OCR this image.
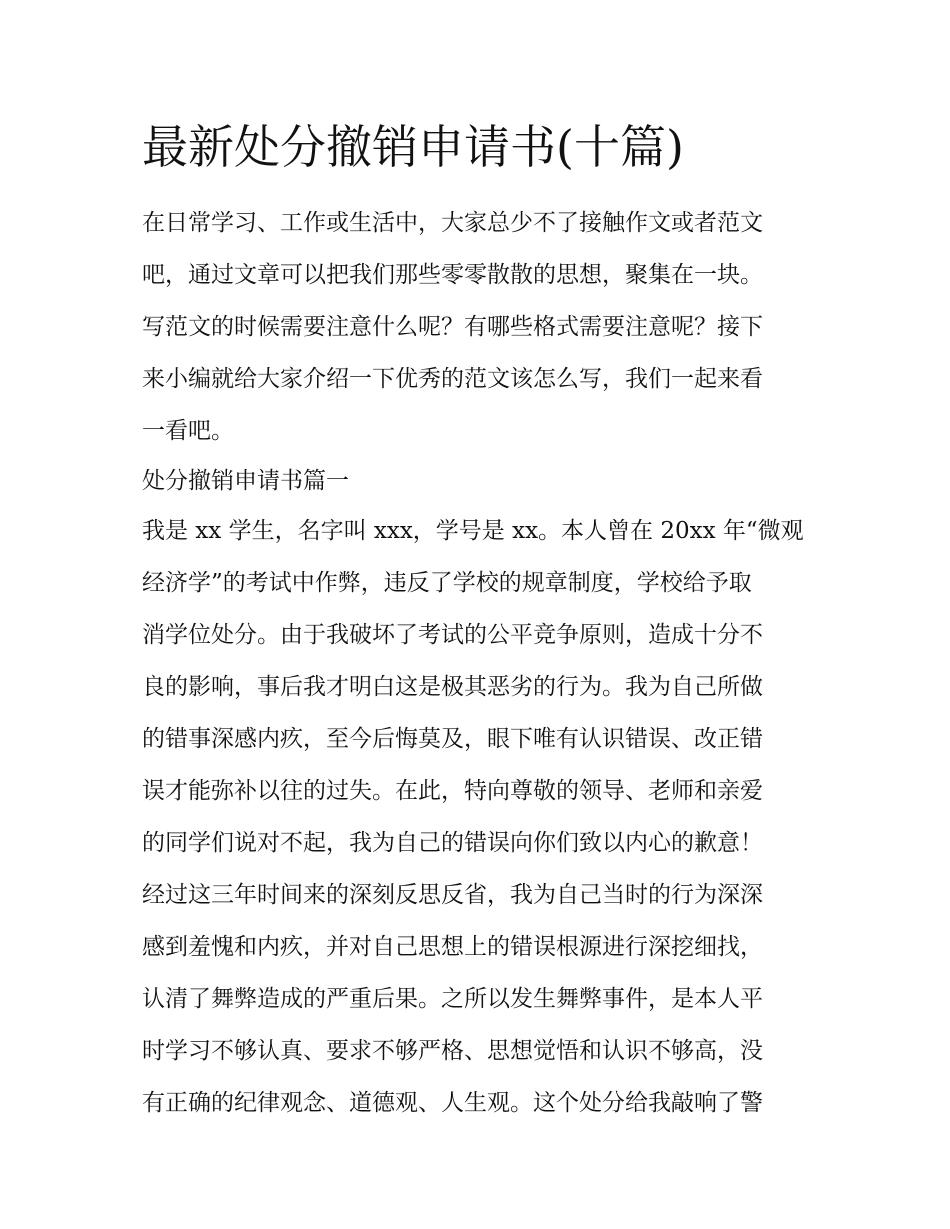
最新处分撤销申请书(十篇)

在日常学习、工作或生活中，大家总少不了接触作文或者范文

吧，通过文章可以把我们那些零零散散的思想，聚集在一块。

写范文的时候需要注意什么呢？有哪些格式需要注意呢？接下

来小编就给大家介绍一下优秀的范文该怎么写，我们一起来看

一看吧。

处分撤销申请书篇一

我是 xx 学生，名字叫 xxx，学号是 xx。本人曾在 20xx 年“微观

经济学”的考试中作弊，违反了学校的规章制度，学校给予取

消学位处分。由于我破坏了考试的公平竞争原则，造成十分不

良的影响，事后我才明白这是极其恶劣的行为。我为自己所做

的错事深感内疚，至今后悔莫及，眼下唯有认识错误、改正错

误才能弥补以往的过失。在此，特向尊敬的领导、老师和亲爱

的同学们说对不起，我为自己的错误向你们致以内心的歉意！

经过这三年时间来的深刻反思反省，我为自己当时的行为深深

感到羞愧和内疚，并对自己思想上的错误根源进行深挖细找，

认清了舞弊造成的严重后果。之所以发生舞弊事件，是本人平

时学习不够认真、要求不够严格、思想觉悟和认识不够高，没

有正确的纪律观念、道德观、人生观。这个处分给我敲响了警
